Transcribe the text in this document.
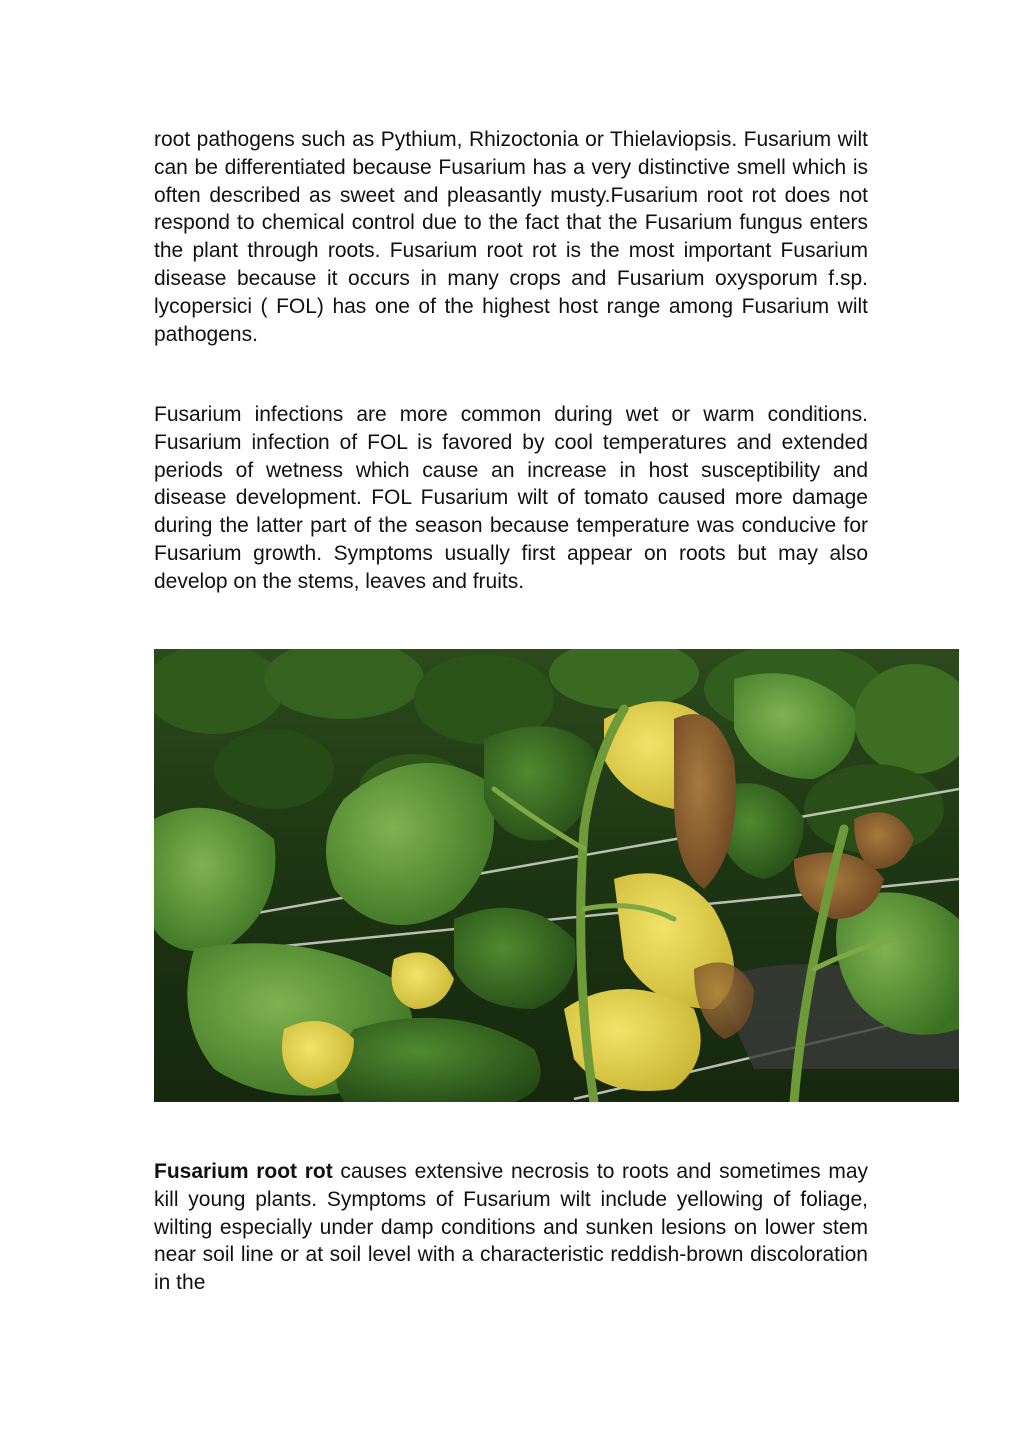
root pathogens such as Pythium, Rhizoctonia or Thielaviopsis. Fusarium wilt can be differentiated because Fusarium has a very distinctive smell which is often described as sweet and pleasantly musty.Fusarium root rot does not respond to chemical control due to the fact that the Fusarium fungus enters the plant through roots. Fusarium root rot is the most important Fusarium disease because it occurs in many crops and Fusarium oxysporum f.sp. lycopersici ( FOL) has one of the highest host range among Fusarium wilt pathogens.

Fusarium infections are more common during wet or warm conditions. Fusarium infection of FOL is favored by cool temperatures and extended periods of wetness which cause an increase in host susceptibility and disease development. FOL Fusarium wilt of tomato caused more damage during the latter part of the season because temperature was conducive for Fusarium growth. Symptoms usually first appear on roots but may also develop on the stems, leaves and fruits.

Fusarium root rot causes extensive necrosis to roots and sometimes may kill young plants. Symptoms of Fusarium wilt include yellowing of foliage, wilting especially under damp conditions and sunken lesions on lower stem near soil line or at soil level with a characteristic reddish-brown discoloration in the
